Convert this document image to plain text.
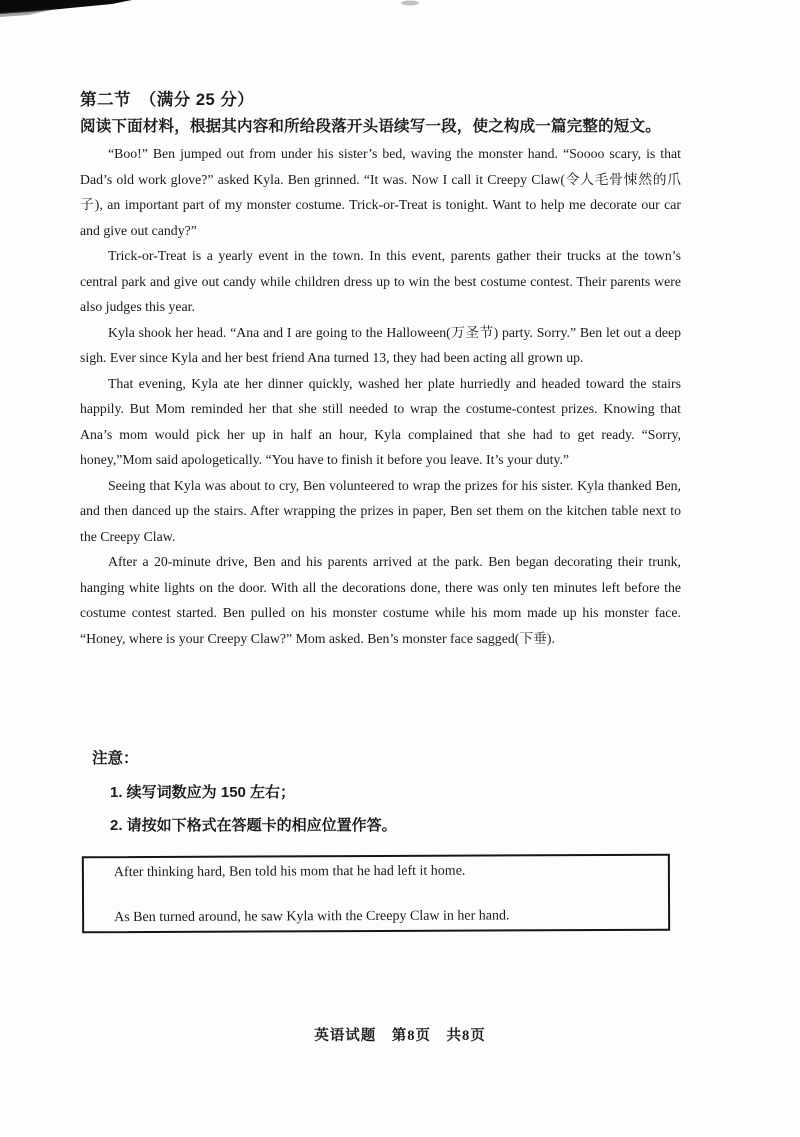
第二节　（满分 25 分）
阅读下面材料，根据其内容和所给段落开头语续写一段，使之构成一篇完整的短文。
“Boo!” Ben jumped out from under his sister’s bed, waving the monster hand. “Soooo scary, is that Dad’s old work glove?” asked Kyla. Ben grinned. “It was. Now I call it Creepy Claw(令人毛骨悚然的爪子), an important part of my monster costume. Trick-or-Treat is tonight. Want to help me decorate our car and give out candy?”
Trick-or-Treat is a yearly event in the town. In this event, parents gather their trucks at the town’s central park and give out candy while children dress up to win the best costume contest. Their parents were also judges this year.
Kyla shook her head. “Ana and I are going to the Halloween(万圣节) party. Sorry.” Ben let out a deep sigh. Ever since Kyla and her best friend Ana turned 13, they had been acting all grown up.
That evening, Kyla ate her dinner quickly, washed her plate hurriedly and headed toward the stairs happily. But Mom reminded her that she still needed to wrap the costume-contest prizes. Knowing that Ana’s mom would pick her up in half an hour, Kyla complained that she had to get ready. “Sorry, honey,”Mom said apologetically. “You have to finish it before you leave. It’s your duty.”
Seeing that Kyla was about to cry, Ben volunteered to wrap the prizes for his sister. Kyla thanked Ben, and then danced up the stairs. After wrapping the prizes in paper, Ben set them on the kitchen table next to the Creepy Claw.
After a 20-minute drive, Ben and his parents arrived at the park. Ben began decorating their trunk, hanging white lights on the door. With all the decorations done, there was only ten minutes left before the costume contest started. Ben pulled on his monster costume while his mom made up his monster face. “Honey, where is your Creepy Claw?” Mom asked. Ben’s monster face sagged(下垂).
注意：
1. 续写词数应为 150 左右；
2. 请按如下格式在答题卡的相应位置作答。
After thinking hard, Ben told his mom that he had left it home.
As Ben turned around, he saw Kyla with the Creepy Claw in her hand.
英语试题　第8页　共8页
